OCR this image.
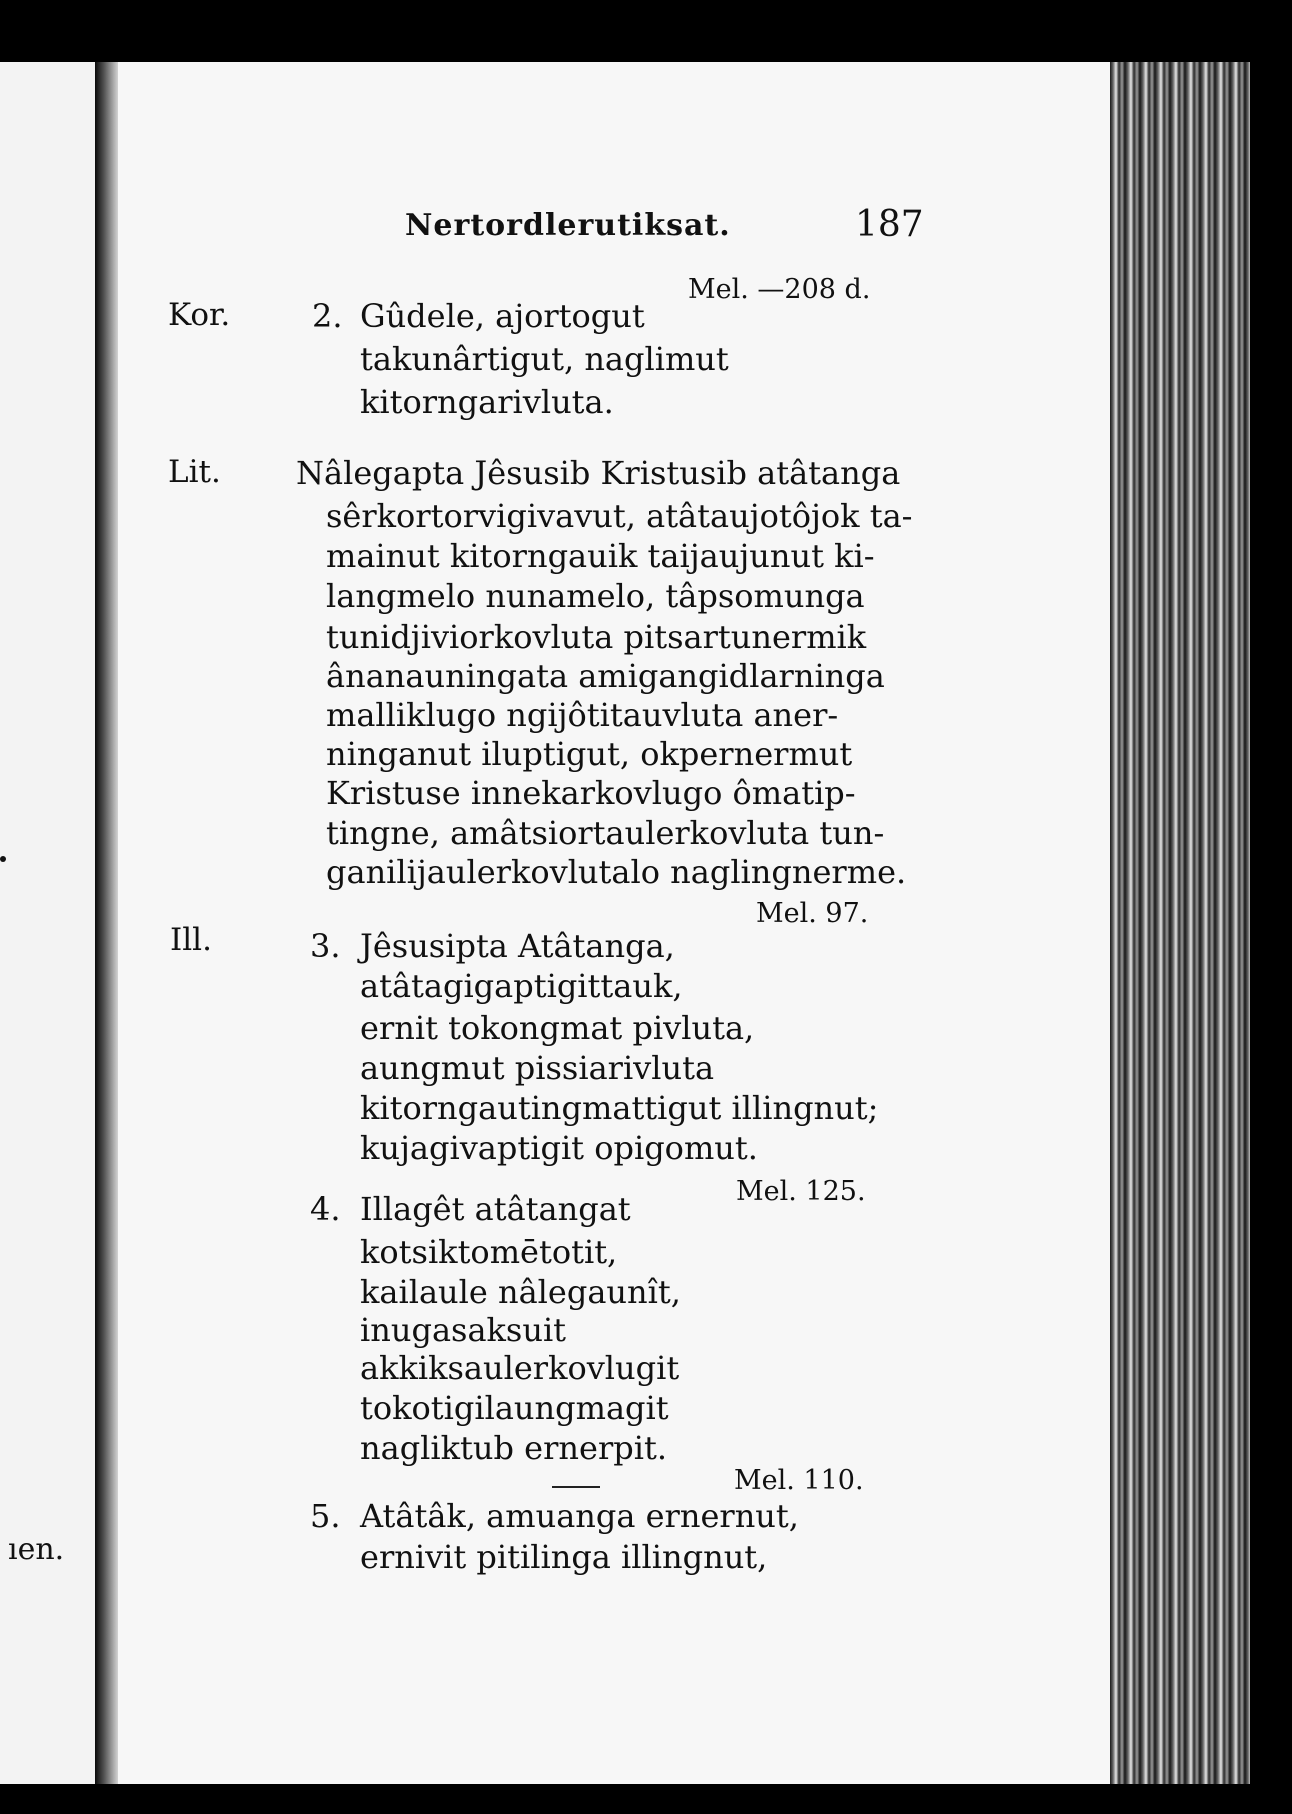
ıen.
Nertordlerutiksat.	187
Mel. —208 d.
Kor.	2. Gûdele, ajortogut
takunârtigut, naglimut
kitorngarivluta.
Lit. Nâlegapta Jêsusib Kristusib atâtanga
sêrkortorvigivavut, atâtaujotôjok ta-
mainut kitorngauik taijaujunut ki-
langmelo nunamelo, tâpsomunga
tunidjiviorkovluta pitsartunermik
ânanauningata amigangidlarninga
malliklugo ngijôtitauvluta aner-
ninganut iluptigut, okpernermut
Kristuse innekarkovlugo ômatip-
tingne, amâtsiortaulerkovluta tun-
ganilijaulerkovlutalo naglingnerme.
Mel. 97.
Ill.	3. Jêsusipta Atâtanga,
atâtagigaptigittauk,
ernit tokongmat pivluta,
aungmut pissiarivluta
kitorngautingmattigut illingnut;
kujagivaptigit opigomut.
Mel. 125.
4. Illagêt atâtangat
kotsiktomētotit,
kailaule nâlegaunît,
inugasaksuit
akkiksaulerkovlugit
tokotigilaungmagit
nagliktub ernerpit.
Mel. 110.
5. Atâtâk, amuanga ernernut,
ernivit pitilinga illingnut,
